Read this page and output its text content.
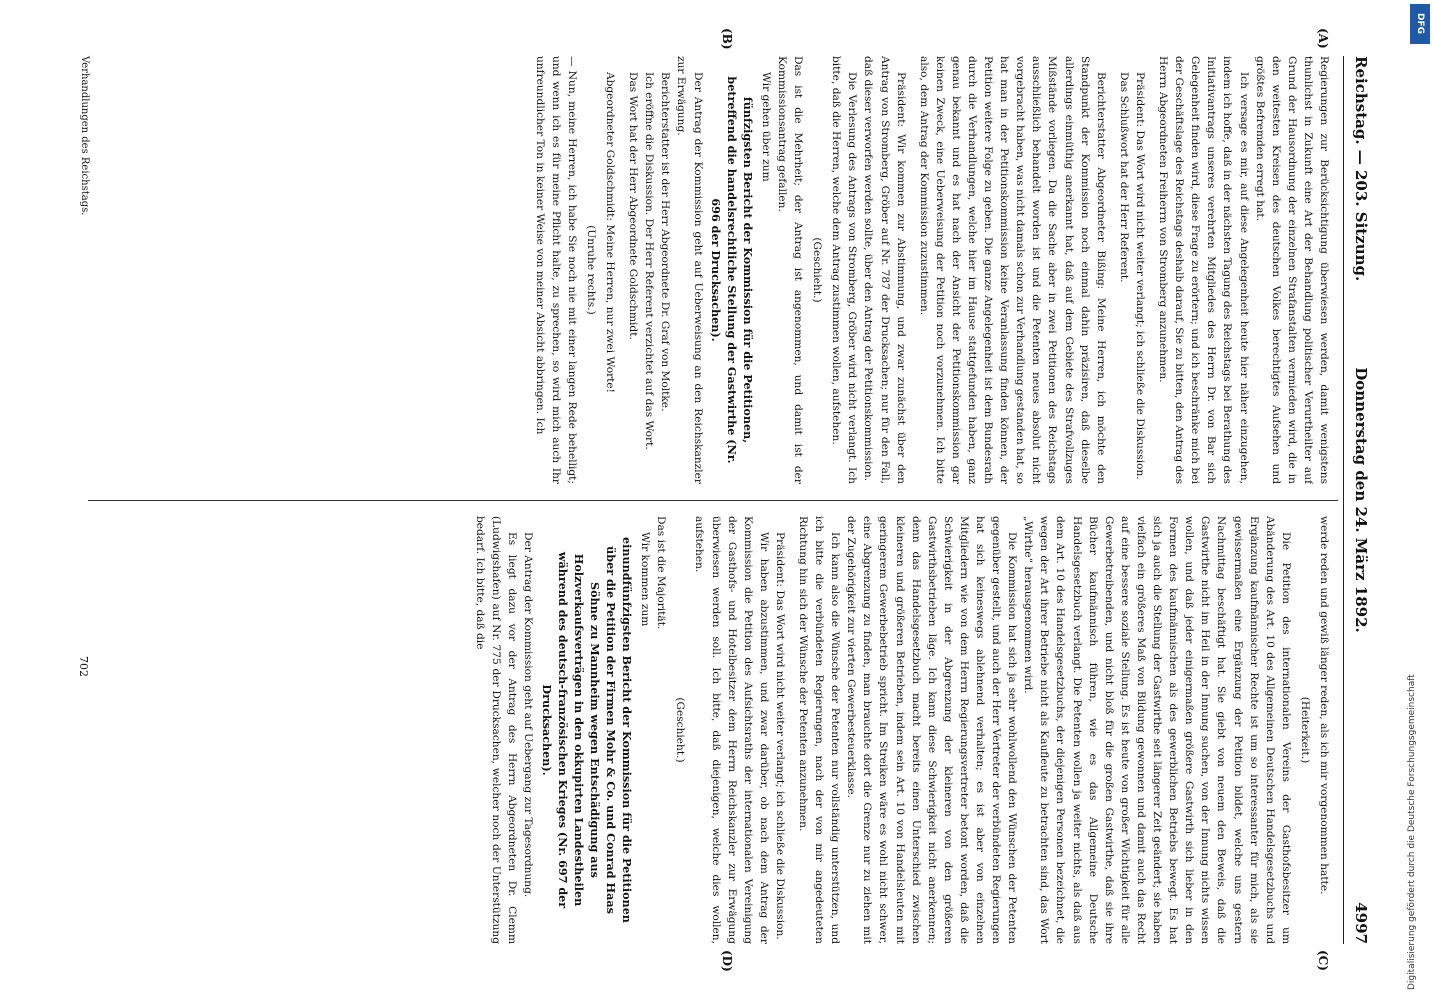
Reichstag. — 203. Sitzung.
Donnerstag den 24. März 1892.
4997
(A)
(B)
(C)
(D)

Regierungen zur Berücksichtigung überwiesen werden, damit wenigstens thunlichst in Zukunft eine Art der Behandlung politischer Verurtheilter auf Grund der Hausordnung der einzelnen Strafanstalten vermieden wird, die in den weitesten Kreisen des deutschen Volkes berechtigtes Aufsehen und größtes Befremden erregt hat.

Ich versage es mir, auf diese Angelegenheit heute hier näher einzugehen, indem ich hoffe, daß in der nächsten Tagung des Reichstags bei Berathung des Initiativantrags unseres verehrten Mitgliedes des Herrn Dr. von Bar sich Gelegenheit finden wird, diese Frage zu erörtern; und ich beschränke mich bei der Geschäftslage des Reichstags deshalb darauf, Sie zu bitten, den Antrag des Herrn Abgeordneten Freiherrn von Stromberg anzunehmen.

Präsident: Das Wort wird nicht weiter verlangt; ich schließe die Diskussion.

Das Schlußwort hat der Herr Referent.

Berichterstatter Abgeordneter Bißing: Meine Herren, ich möchte den Standpunkt der Kommission noch einmal dahin präzisiren, daß dieselbe allerdings einmüthig anerkannt hat, daß auf dem Gebiete des Strafvollzuges Mißstände vorliegen. Da die Sache aber in zwei Petitionen des Reichstags ausschließlich behandelt worden ist und die Petenten neues absolut nicht vorgebracht haben, was nicht damals schon zur Verhandlung gestanden hat, so hat man in der Petitionskommission keine Veranlassung finden können, der Petition weitere Folge zu geben. Die ganze Angelegenheit ist dem Bundesrath durch die Verhandlungen, welche hier im Hause stattgefunden haben, ganz genau bekannt und es hat nach der Ansicht der Petitionskommission gar keinen Zweck, eine Ueberweisung der Petition noch vorzunehmen. Ich bitte also, dem Antrag der Kommission zuzustimmen.

Präsident: Wir kommen zur Abstimmung, und zwar zunächst über den Antrag von Stromberg, Gröber auf Nr. 787 der Drucksachen; nur für den Fall, daß dieser verworfen werden sollte, über den Antrag der Petitionskommission.

Die Verlesung des Antrags von Stromberg, Gröber wird nicht verlangt. Ich bitte, daß die Herren, welche dem Antrag zustimmen wollen, aufstehen.

(Geschieht.)

Das ist die Mehrheit; der Antrag ist angenommen, und damit ist der Kommissionsantrag gefallen.

Wir gehen über zum

fünfzigsten Bericht der Kommission für die Petitionen, betreffend die handelsrechtliche Stellung der Gastwirthe (Nr. 696 der Drucksachen).

Der Antrag der Kommission geht auf Ueberweisung an den Reichskanzler zur Erwägung.

Berichterstatter ist der Herr Abgeordnete Dr. Graf von Moltke.

Ich eröffne die Diskussion. Der Herr Referent verzichtet auf das Wort.

Das Wort hat der Herr Abgeordnete Goldschmidt.

Abgeordneter Goldschmidt: Meine Herren, nur zwei Worte!

(Unruhe rechts.)

— Nun, meine Herren, ich habe Sie noch nie mit einer langen Rede behelligt; und wenn ich es für meine Pflicht halte, zu sprechen, so wird mich auch Ihr unfreundlicher Ton in keiner Weise von meiner Absicht abbringen. Ich

werde reden und gewiß länger reden, als ich mir vorgenommen hatte.

(Heiterkeit.)

Die Petition des internationalen Vereins der Gasthofsbesitzer um Abänderung des Art. 10 des Allgemeinen Deutschen Handelsgesetzbuchs und Ergänzung kaufmännischer Rechte ist um so interessanter für mich, als sie gewissermaßen eine Ergänzung der Petition bildet, welche uns gestern Nachmittag beschäftigt hat. Sie giebt von neuem den Beweis, daß die Gastwirthe nicht im Heil in der Innung suchen, von der Innung nichts wissen wollen, und daß jeder einigermaßen größere Gastwirth sich lieber in den Formen des kaufmännischen als des gewerblichen Betriebs bewegt. Es hat sich ja auch die Stellung der Gastwirthe seit längerer Zeit geändert; sie haben vielfach ein größeres Maß von Bildung gewonnen und damit auch das Recht auf eine bessere soziale Stellung. Es ist heute von großer Wichtigkeit für alle Gewerbetreibenden, und nicht bloß für die großen Gastwirthe, daß sie ihre Bücher kaufmännisch führen, wie es das Allgemeine Deutsche Handelsgesetzbuch verlangt. Die Petenten wollen ja weiter nichts, als daß aus dem Art. 10 des Handelsgesetzbuchs, der diejenigen Personen bezeichnet, die wegen der Art ihrer Betriebe nicht als Kaufleute zu betrachten sind, das Wort „Wirthe“ herausgenommen wird.

Die Kommission hat sich ja sehr wohlwollend den Wünschen der Petenten gegenüber gestellt, und auch der Herr Vertreter der verbündeten Regierungen hat sich keineswegs ablehnend verhalten; es ist aber von einzelnen Mitgliedern wie von dem Herrn Regierungsvertreter betont worden, daß die Schwierigkeit in der Abgrenzung der kleineren von den größeren Gastwirthsbetrieben läge. Ich kann diese Schwierigkeit nicht anerkennen; denn das Handelsgesetzbuch macht bereits einen Unterschied zwischen kleineren und größeren Betrieben, indem sein Art. 10 von Handelsleuten mit geringerem Gewerbebetrieb spricht. Im Streiken wäre es wohl nicht schwer, eine Abgrenzung zu finden, man brauchte dort die Grenze nur zu ziehen mit der Zugehörigkeit zur vierten Gewerbesteuerklasse.

Ich kann also die Wünsche der Petenten nur vollständig unterstützen, und ich bitte die verbündeten Regierungen, nach der von mir angedeuteten Richtung hin sich der Wünsche der Petenten anzunehmen.

Präsident: Das Wort wird nicht weiter verlangt; ich schließe die Diskussion.

Wir haben abzustimmen, und zwar darüber, ob nach dem Antrag der Kommission die Petition des Aufsichtsraths der internationalen Vereinigung der Gasthofs- und Hotelbesitzer dem Herrn Reichskanzler zur Erwägung überwiesen werden soll. Ich bitte, daß diejenigen, welche dies wollen, aufstehen.

(Geschieht.)

Das ist die Majorität.

Wir kommen zum

einundfünfzigsten Bericht der Kommission für die Petitionen über die Petition der Firmen Mohr & Co. und Conrad Haas Söhne zu Mannheim wegen Entschädigung aus Holzverkaufsverträgen in den okkupirten Landestheilen während des deutsch-französischen Krieges (Nr. 697 der Drucksachen).

Der Antrag der Kommission geht auf Uebergang zur Tagesordnung.

Es liegt dazu vor der Antrag des Herrn Abgeordneten Dr. Clemm (Ludwigshafen) auf Nr. 775 der Drucksachen, welcher noch der Unterstützung bedarf. Ich bitte, daß die

Verhandlungen des Reichstags.
702
DFG
Digitalisierung gefördert durch die Deutsche Forschungsgemeinschaft
